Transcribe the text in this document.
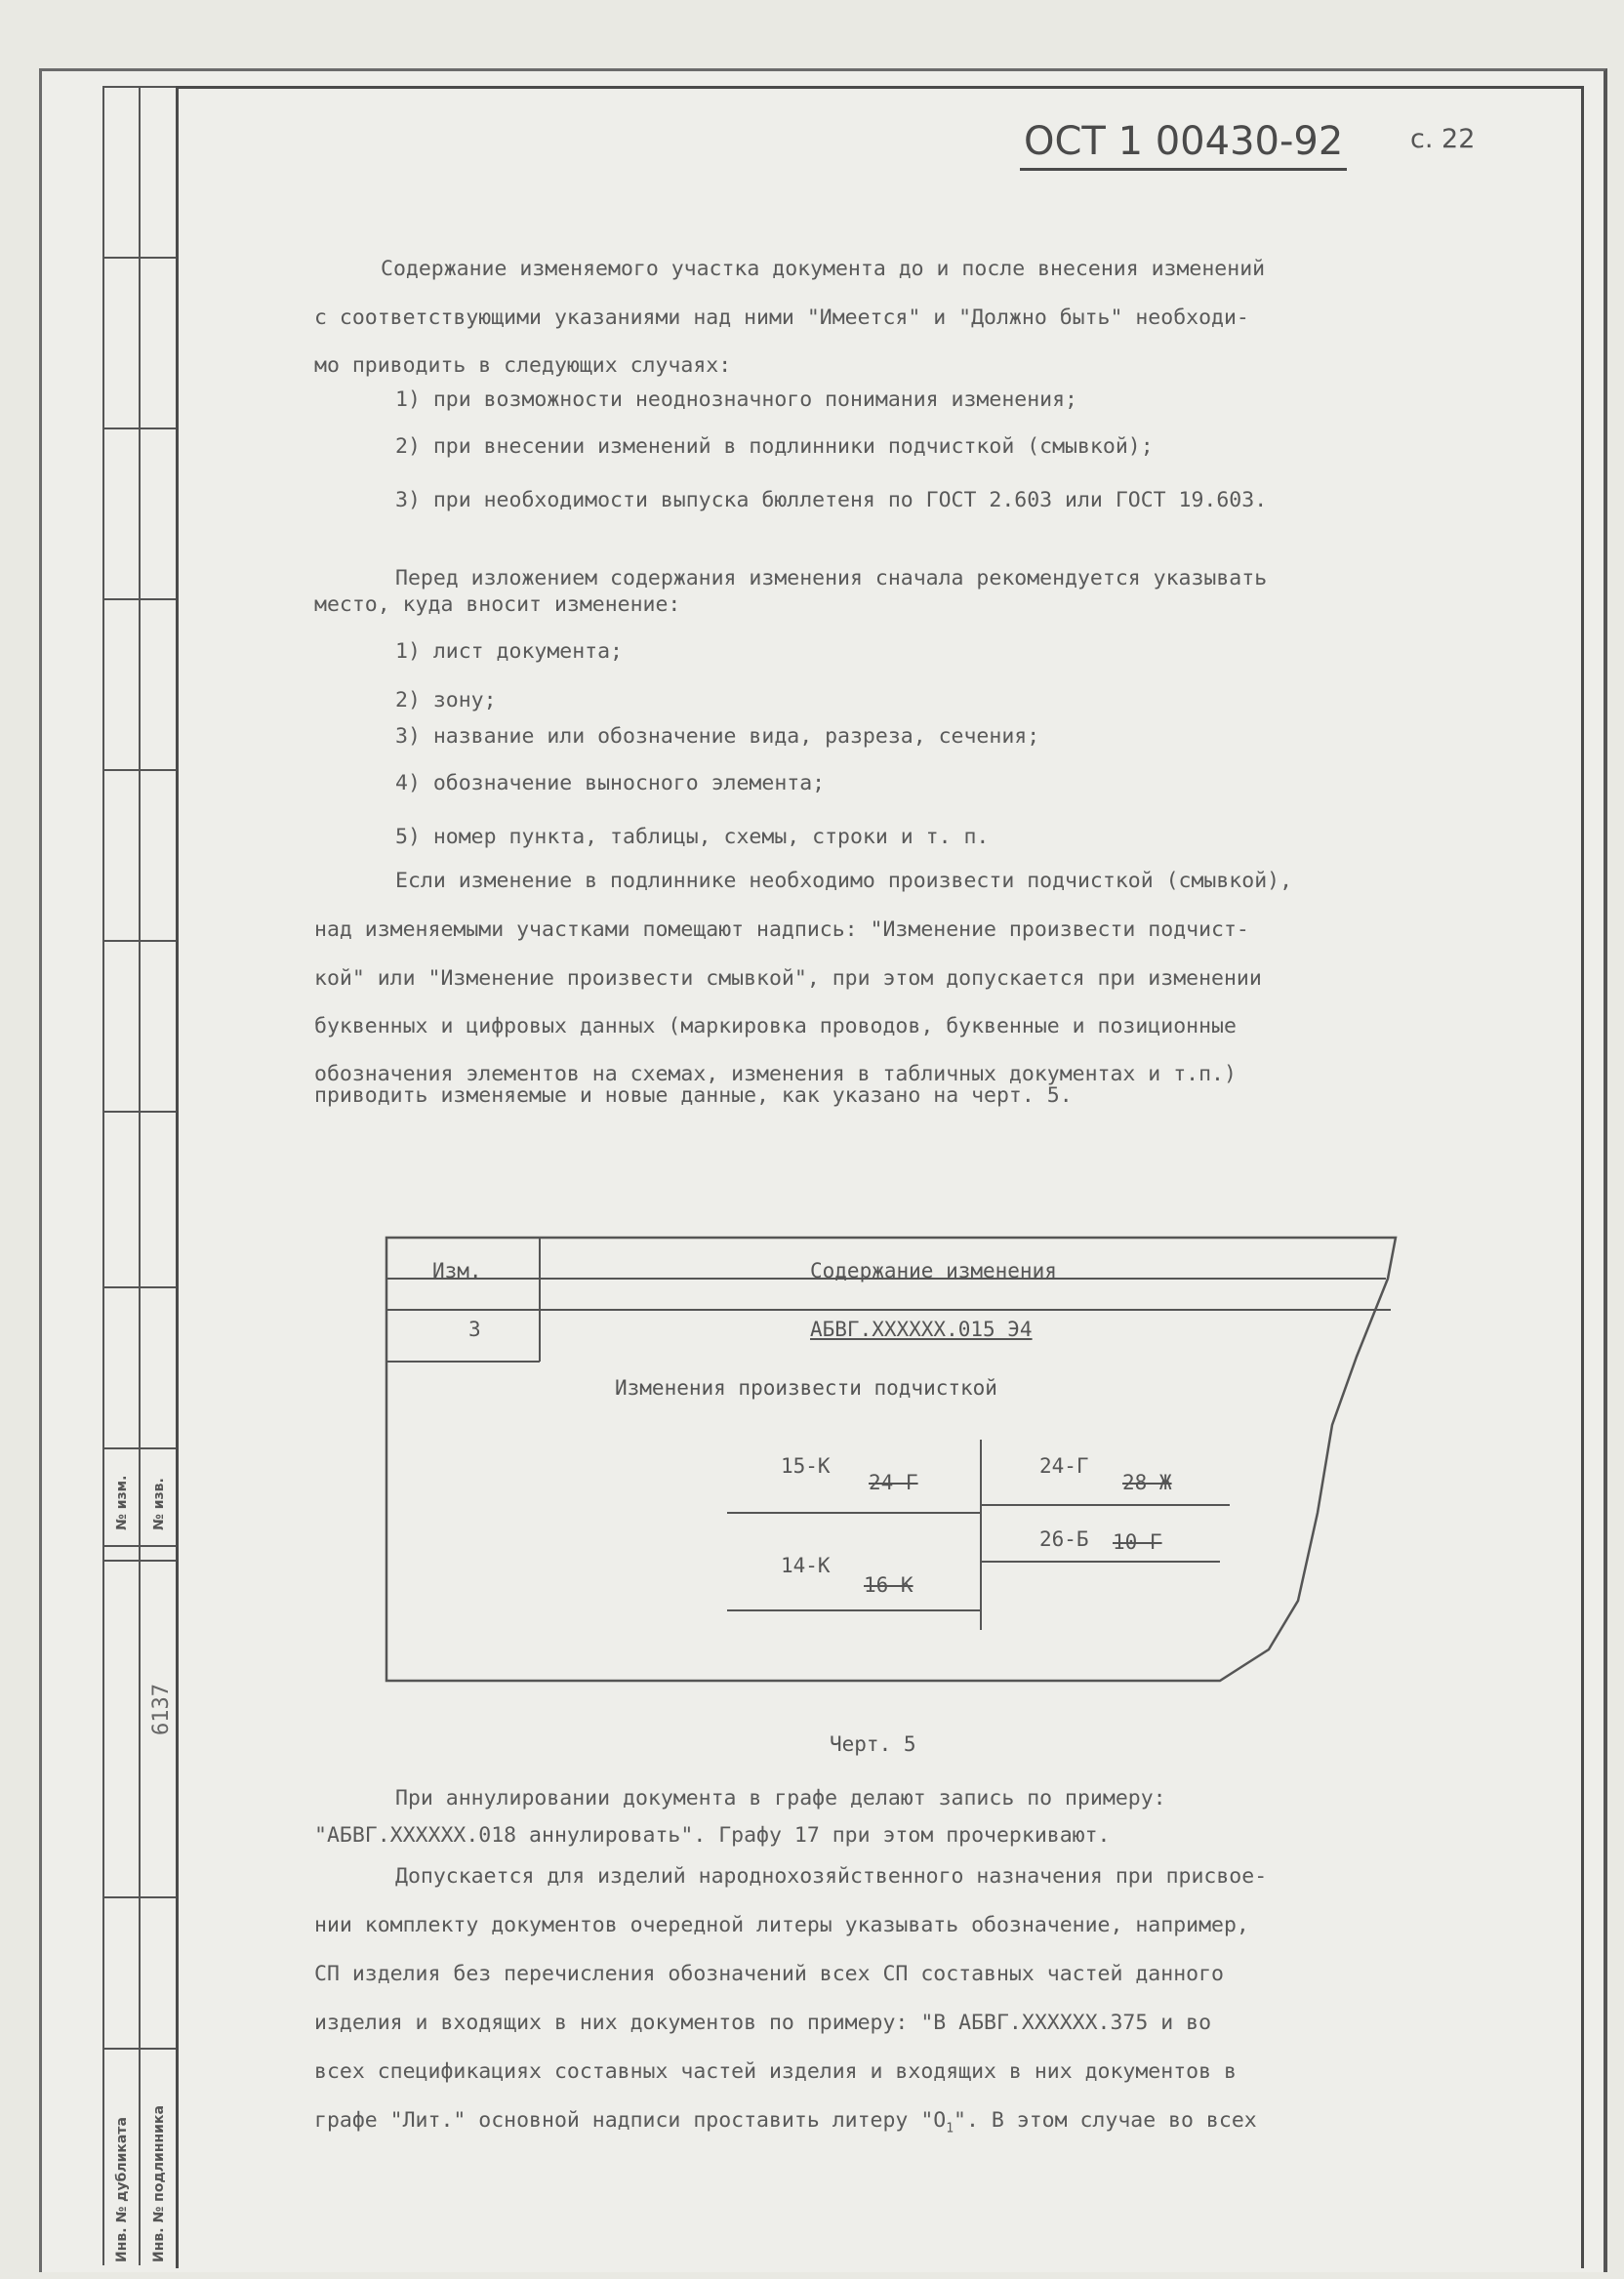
№ изм. № изв.
6137
Инв. № дубликата Инв. № подлинника
ОСТ 1 00430-92	с. 22
Содержание изменяемого участка документа до и после внесения изменений
с соответствующими указаниями над ними "Имеется" и "Должно быть" необходи-
мо приводить в следующих случаях:
1) при возможности неоднозначного понимания изменения;
2) при внесении изменений в подлинники подчисткой (смывкой);
3) при необходимости выпуска бюллетеня по ГОСТ 2.603 или ГОСТ 19.603.
Перед изложением содержания изменения сначала рекомендуется указывать
место, куда вносит изменение:
1) лист документа;
2) зону;
3) название или обозначение вида, разреза, сечения;
4) обозначение выносного элемента;
5) номер пункта, таблицы, схемы, строки и т. п.
Если изменение в подлиннике необходимо произвести подчисткой (смывкой),
над изменяемыми участками помещают надпись: "Изменение произвести подчист-
кой" или "Изменение произвести смывкой", при этом допускается при изменении
буквенных и цифровых данных (маркировка проводов, буквенные и позиционные
обозначения элементов на схемах, изменения в табличных документах и т.п.)
приводить изменяемые и новые данные, как указано на черт. 5.
Изм.	Содержание изменения
3	АБВГ.XXXXXX.015 Э4
Изменения произвести подчисткой
15-К
24-Г
24-Г
28-Ж
26-Б 10-Г
14-К
16-К
Черт. 5
При аннулировании документа в графе делают запись по примеру:
"АБВГ.XXXXXX.018 аннулировать". Графу 17 при этом прочеркивают.
Допускается для изделий народнохозяйственного назначения при присвое-
нии комплекту документов очередной литеры указывать обозначение, например,
СП изделия без перечисления обозначений всех СП составных частей данного
изделия и входящих в них документов по примеру: "В АБВГ.XXXXXX.375 и во
всех спецификациях составных частей изделия и входящих в них документов в
графе "Лит." основной надписи проставить литеру "$О_1$". В этом случае во всех
